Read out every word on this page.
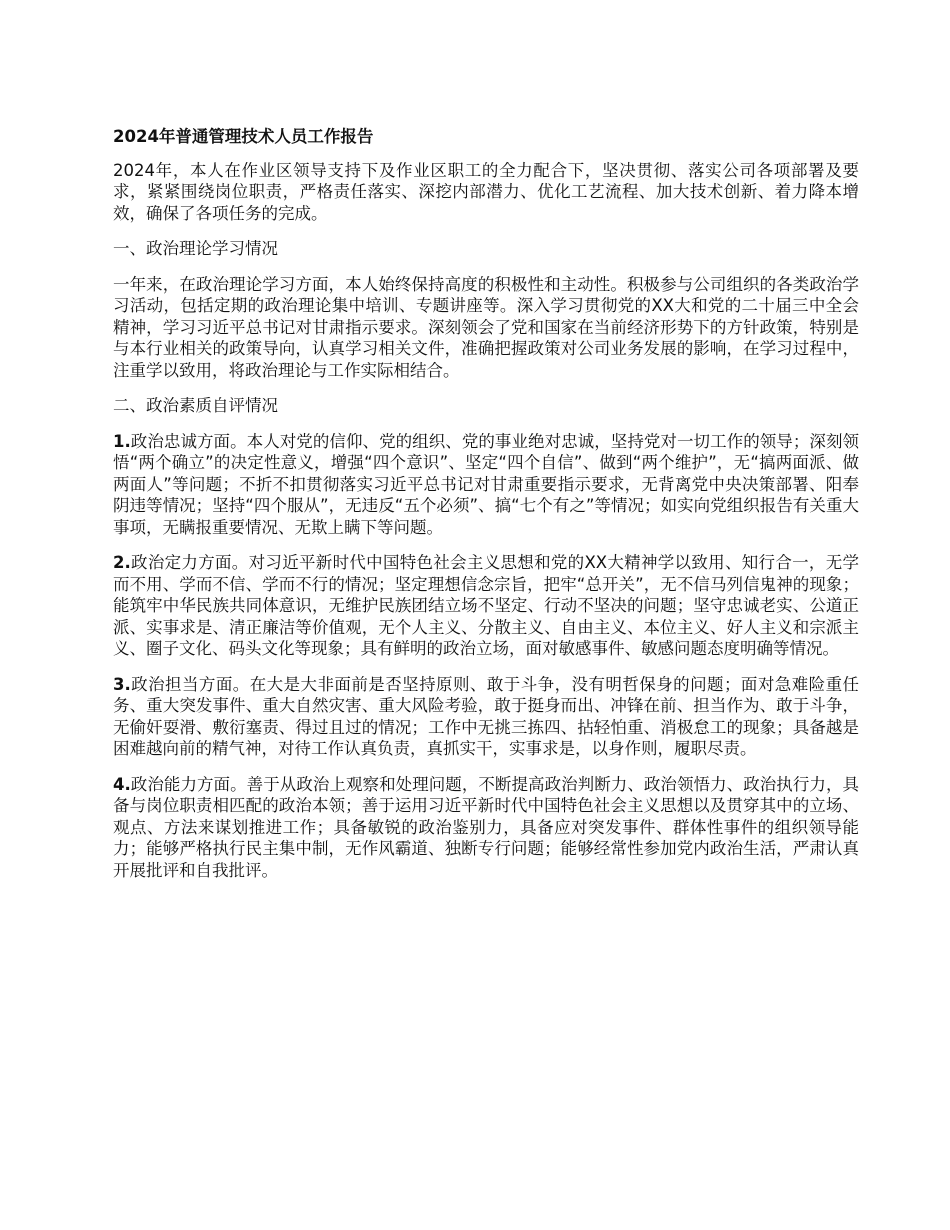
2024年普通管理技术人员工作报告

2024年，本人在作业区领导支持下及作业区职工的全力配合下，坚决贯彻、落实公司各项部署及要求，紧紧围绕岗位职责，严格责任落实、深挖内部潜力、优化工艺流程、加大技术创新、着力降本增效，确保了各项任务的完成。

一、政治理论学习情况

一年来，在政治理论学习方面，本人始终保持高度的积极性和主动性。积极参与公司组织的各类政治学习活动，包括定期的政治理论集中培训、专题讲座等。深入学习贯彻党的XX大和党的二十届三中全会精神，学习习近平总书记对甘肃指示要求。深刻领会了党和国家在当前经济形势下的方针政策，特别是与本行业相关的政策导向，认真学习相关文件，准确把握政策对公司业务发展的影响，在学习过程中，注重学以致用，将政治理论与工作实际相结合。

二、政治素质自评情况

1.政治忠诚方面。本人对党的信仰、党的组织、党的事业绝对忠诚，坚持党对一切工作的领导；深刻领悟“两个确立”的决定性意义，增强“四个意识”、坚定“四个自信”、做到“两个维护”，无“搞两面派、做两面人”等问题；不折不扣贯彻落实习近平总书记对甘肃重要指示要求，无背离党中央决策部署、阳奉阴违等情况；坚持“四个服从”，无违反“五个必须”、搞“七个有之”等情况；如实向党组织报告有关重大事项，无瞒报重要情况、无欺上瞒下等问题。

2.政治定力方面。对习近平新时代中国特色社会主义思想和党的XX大精神学以致用、知行合一，无学而不用、学而不信、学而不行的情况；坚定理想信念宗旨，把牢“总开关”，无不信马列信鬼神的现象；能筑牢中华民族共同体意识，无维护民族团结立场不坚定、行动不坚决的问题；坚守忠诚老实、公道正派、实事求是、清正廉洁等价值观，无个人主义、分散主义、自由主义、本位主义、好人主义和宗派主义、圈子文化、码头文化等现象；具有鲜明的政治立场，面对敏感事件、敏感问题态度明确等情况。

3.政治担当方面。在大是大非面前是否坚持原则、敢于斗争，没有明哲保身的问题；面对急难险重任务、重大突发事件、重大自然灾害、重大风险考验，敢于挺身而出、冲锋在前、担当作为、敢于斗争，无偷奸耍滑、敷衍塞责、得过且过的情况；工作中无挑三拣四、拈轻怕重、消极怠工的现象；具备越是困难越向前的精气神，对待工作认真负责，真抓实干，实事求是，以身作则，履职尽责。

4.政治能力方面。善于从政治上观察和处理问题，不断提高政治判断力、政治领悟力、政治执行力，具备与岗位职责相匹配的政治本领；善于运用习近平新时代中国特色社会主义思想以及贯穿其中的立场、观点、方法来谋划推进工作；具备敏锐的政治鉴别力，具备应对突发事件、群体性事件的组织领导能力；能够严格执行民主集中制，无作风霸道、独断专行问题；能够经常性参加党内政治生活，严肃认真开展批评和自我批评。
